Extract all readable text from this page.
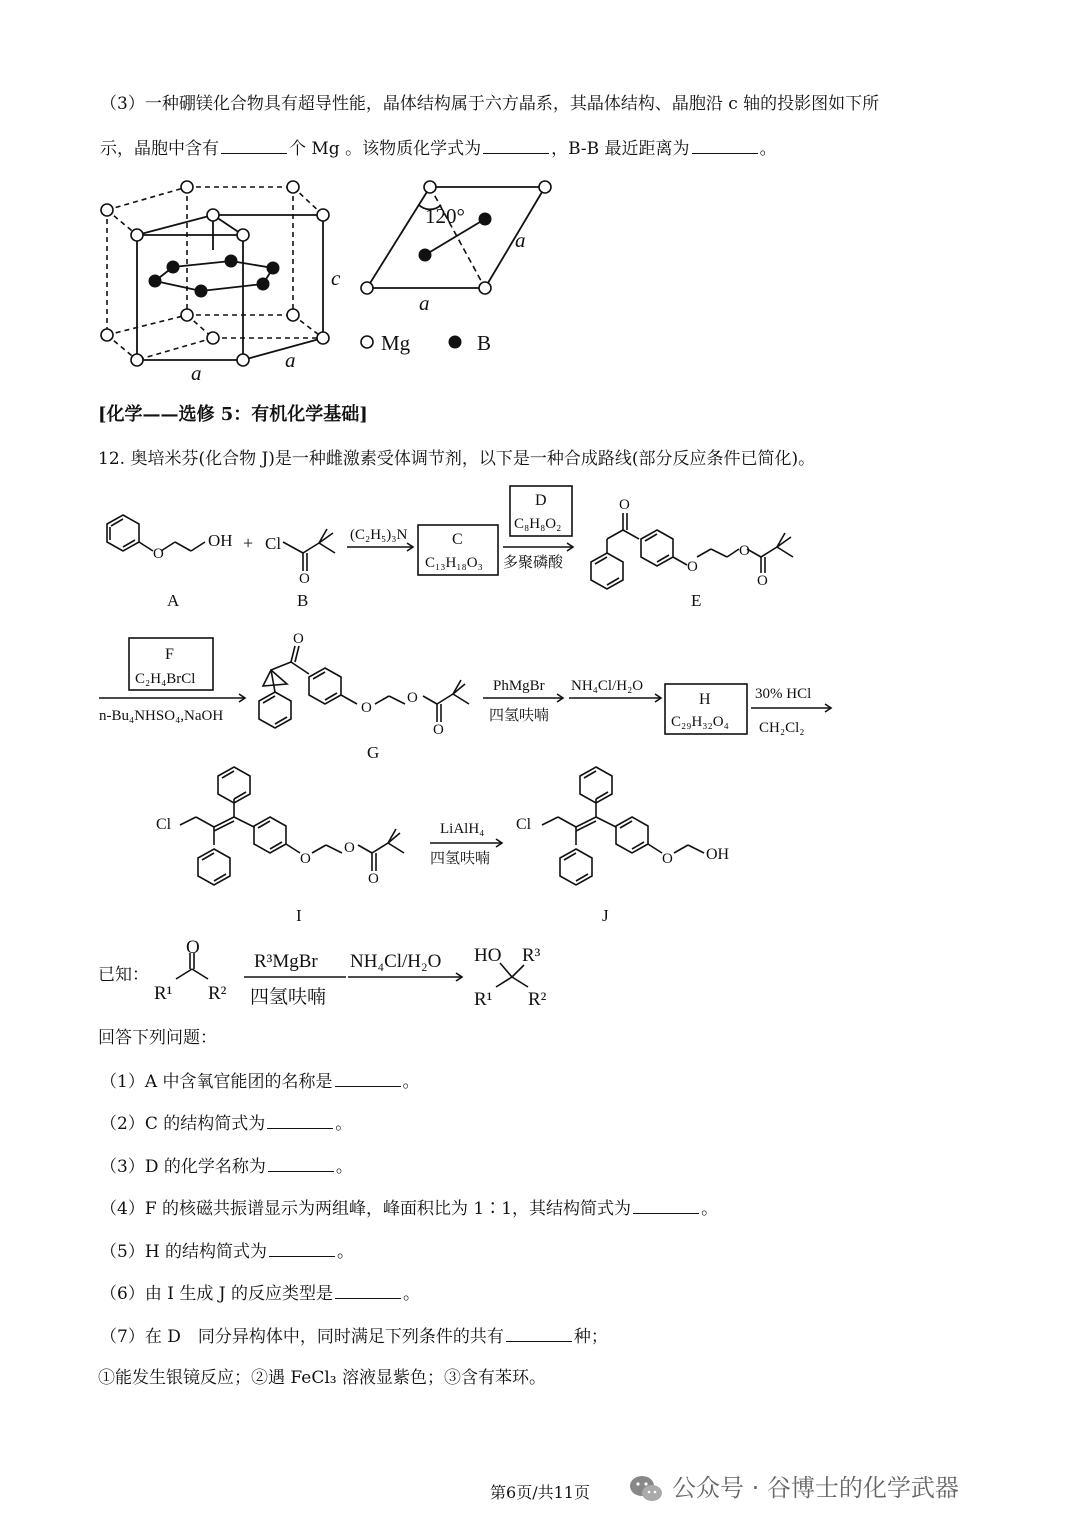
（3）一种硼镁化合物具有超导性能，晶体结构属于六方晶系，其晶体结构、晶胞沿 c 轴的投影图如下所
示，晶胞中含有	个 Mg 。该物质化学式为	，B-B 最近距离为	。
a
a
c
120°
a
a
Mg	B
[化学——选修 5：有机化学基础]
12. 奥培米芬(化合物 J)是一种雌激素受体调节剂，以下是一种合成路线(部分反应条件已简化)。
O
OH + Cl
O
A	B
(C₂H₅)₃N	C
C₁₃H₁₈O₃
D
C₈H₈O₂
多聚磷酸
O
O
O
O
E
F
C₂H₄BrCl
n-Bu₄NHSO₄,NaOH
O
O
O
O
G
PhMgBr
四氢呋喃
NH₄Cl/H₂O
H
C₂₉H₃₂O₄
30% HCl
CH₂Cl₂
Cl
O
O
O
I
LiAlH₄
四氢呋喃
Cl
O OH
J
已知：
O
R¹ R²
R³MgBr
四氢呋喃
NH₄Cl/H₂O HO R³
R¹ R²
回答下列问题：
（1）A 中含氧官能团的名称是	。
（2）C 的结构简式为	。
（3）D 的化学名称为	。
（4）F 的核磁共振谱显示为两组峰，峰面积比为 1∶1，其结构简式为	。
（5）H 的结构简式为	。
（6）由 I 生成 J 的反应类型是	。
（7）在 D　同分异构体中，同时满足下列条件的共有	种；
①能发生银镜反应；②遇 FeCl₃ 溶液显紫色；③含有苯环。
第6页/共11页	公众号 · 谷博士的化学武器
